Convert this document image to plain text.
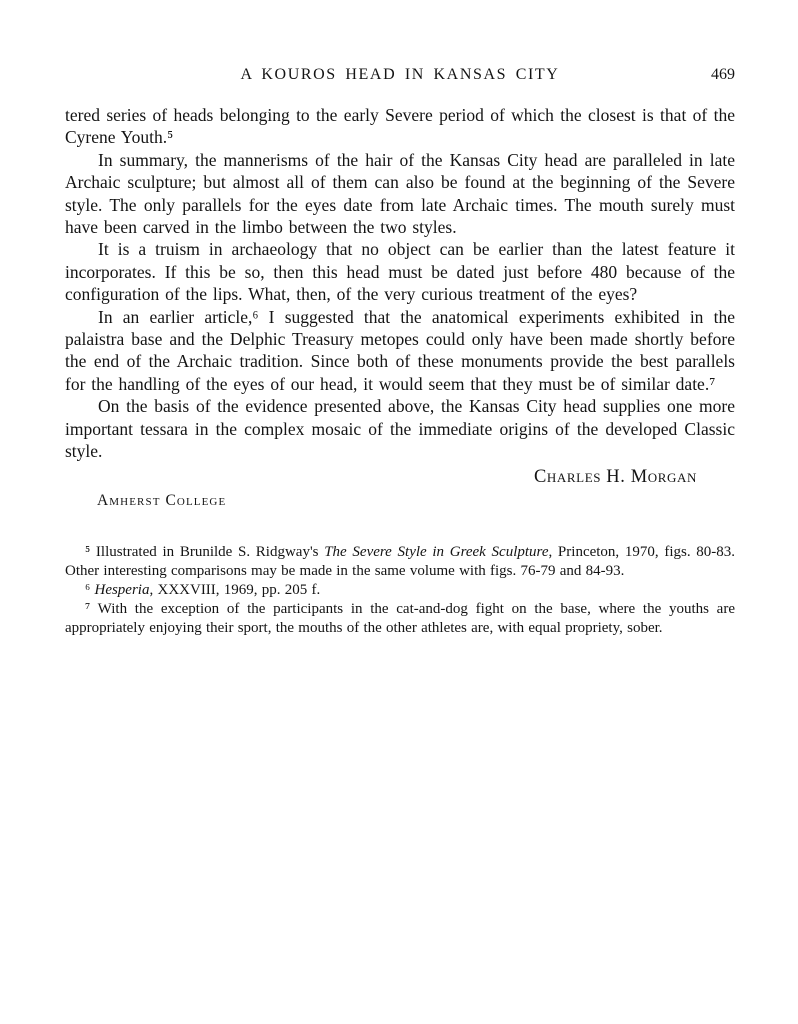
A KOUROS HEAD IN KANSAS CITY	469

tered series of heads belonging to the early Severe period of which the closest is that of the Cyrene Youth.⁵

In summary, the mannerisms of the hair of the Kansas City head are paralleled in late Archaic sculpture; but almost all of them can also be found at the beginning of the Severe style. The only parallels for the eyes date from late Archaic times. The mouth surely must have been carved in the limbo between the two styles.

It is a truism in archaeology that no object can be earlier than the latest feature it incorporates. If this be so, then this head must be dated just before 480 because of the configuration of the lips. What, then, of the very curious treatment of the eyes?

In an earlier article,⁶ I suggested that the anatomical experiments exhibited in the palaistra base and the Delphic Treasury metopes could only have been made shortly before the end of the Archaic tradition. Since both of these monuments provide the best parallels for the handling of the eyes of our head, it would seem that they must be of similar date.⁷

On the basis of the evidence presented above, the Kansas City head supplies one more important tessara in the complex mosaic of the immediate origins of the developed Classic style.

Charles H. Morgan
Amherst College

⁵ Illustrated in Brunilde S. Ridgway's The Severe Style in Greek Sculpture, Princeton, 1970, figs. 80-83. Other interesting comparisons may be made in the same volume with figs. 76-79 and 84-93.

⁶ Hesperia, XXXVIII, 1969, pp. 205 f.

⁷ With the exception of the participants in the cat-and-dog fight on the base, where the youths are appropriately enjoying their sport, the mouths of the other athletes are, with equal propriety, sober.
